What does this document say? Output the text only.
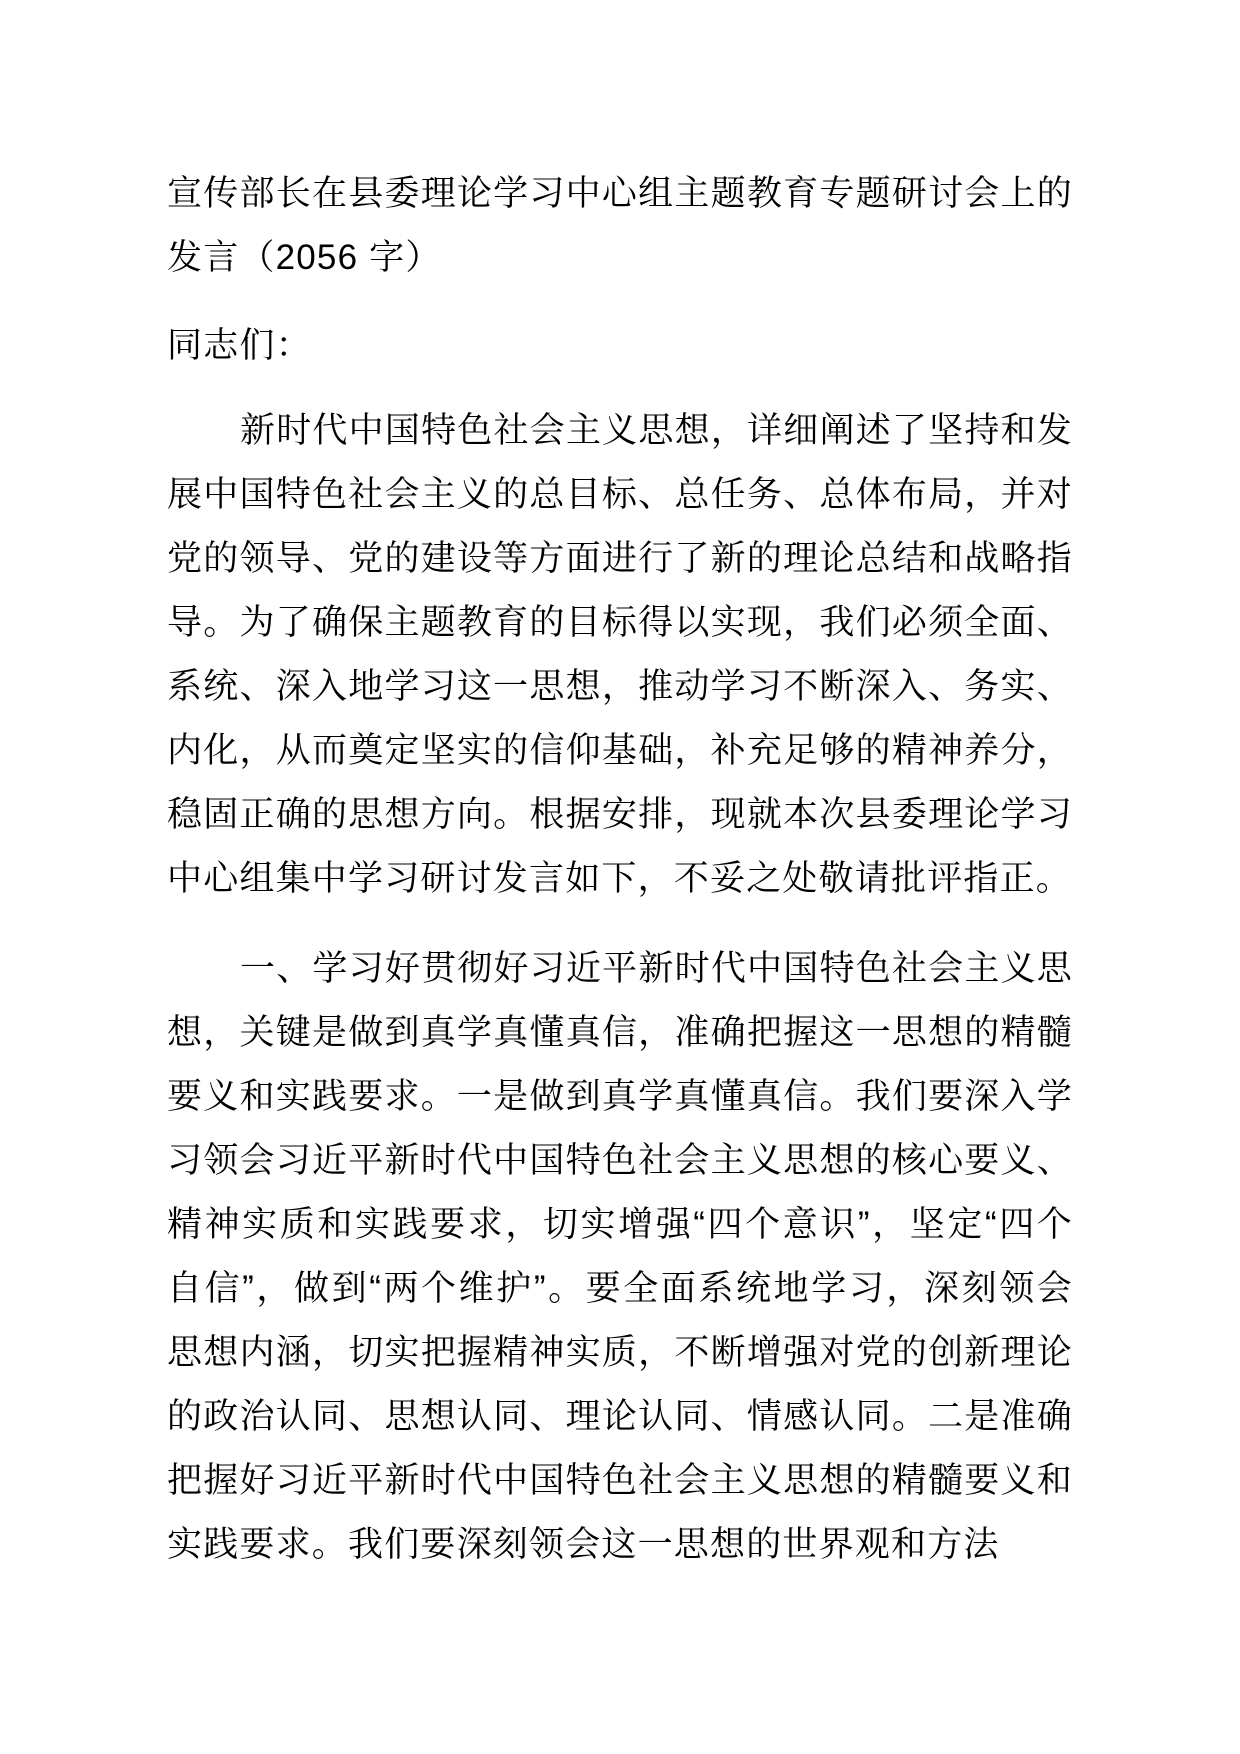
宣传部长在县委理论学习中心组主题教育专题研讨会上的发言（2056 字）

同志们：

新时代中国特色社会主义思想，详细阐述了坚持和发展中国特色社会主义的总目标、总任务、总体布局，并对党的领导、党的建设等方面进行了新的理论总结和战略指导。为了确保主题教育的目标得以实现，我们必须全面、系统、深入地学习这一思想，推动学习不断深入、务实、内化，从而奠定坚实的信仰基础，补充足够的精神养分，稳固正确的思想方向。根据安排，现就本次县委理论学习中心组集中学习研讨发言如下，不妥之处敬请批评指正。

一、学习好贯彻好习近平新时代中国特色社会主义思想，关键是做到真学真懂真信，准确把握这一思想的精髓要义和实践要求。一是做到真学真懂真信。我们要深入学习领会习近平新时代中国特色社会主义思想的核心要义、精神实质和实践要求，切实增强“四个意识”，坚定“四个自信”，做到“两个维护”。要全面系统地学习，深刻领会思想内涵，切实把握精神实质，不断增强对党的创新理论的政治认同、思想认同、理论认同、情感认同。二是准确把握好习近平新时代中国特色社会主义思想的精髓要义和实践要求。我们要深刻领会这一思想的世界观和方法
